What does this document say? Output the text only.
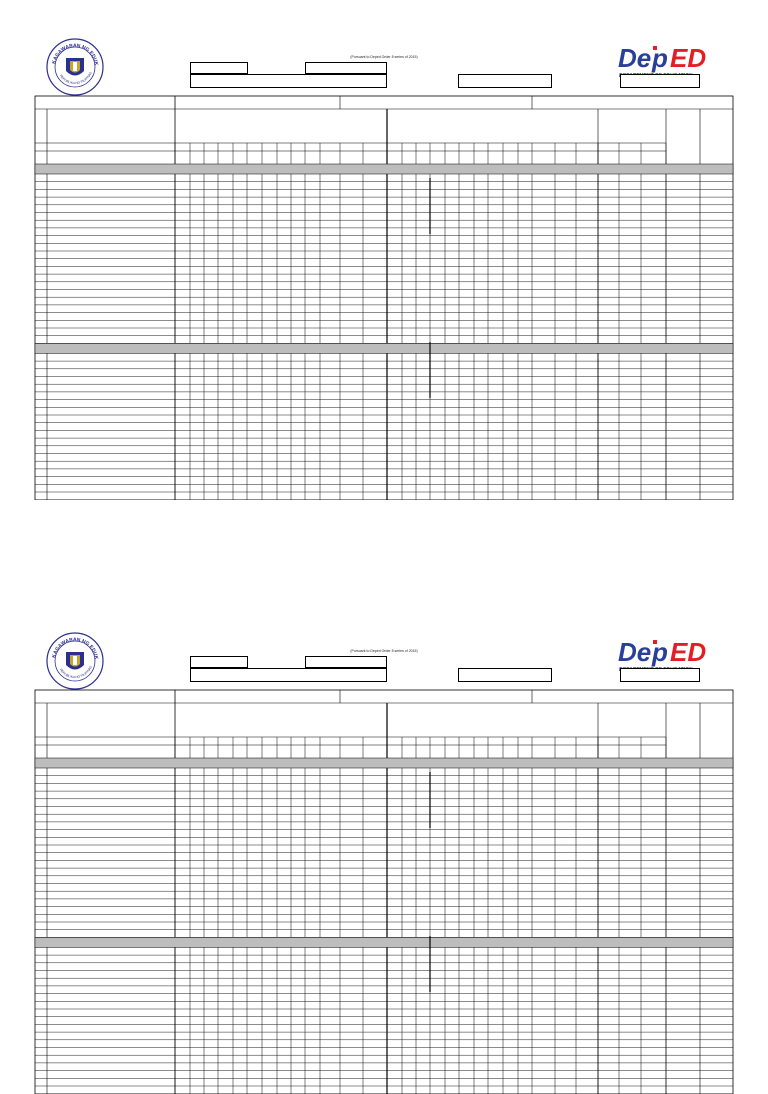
KAGAWARAN NG EDUK
REPUBLIKA NG PILIPINAS
(Pursuant to Deped Order 8 series of 2015)	De p ED
KAGAWARAN NG EDUK
REPUBLIKA NG PILIPINAS
(Pursuant to Deped Order 8 series of 2015)	De p ED
